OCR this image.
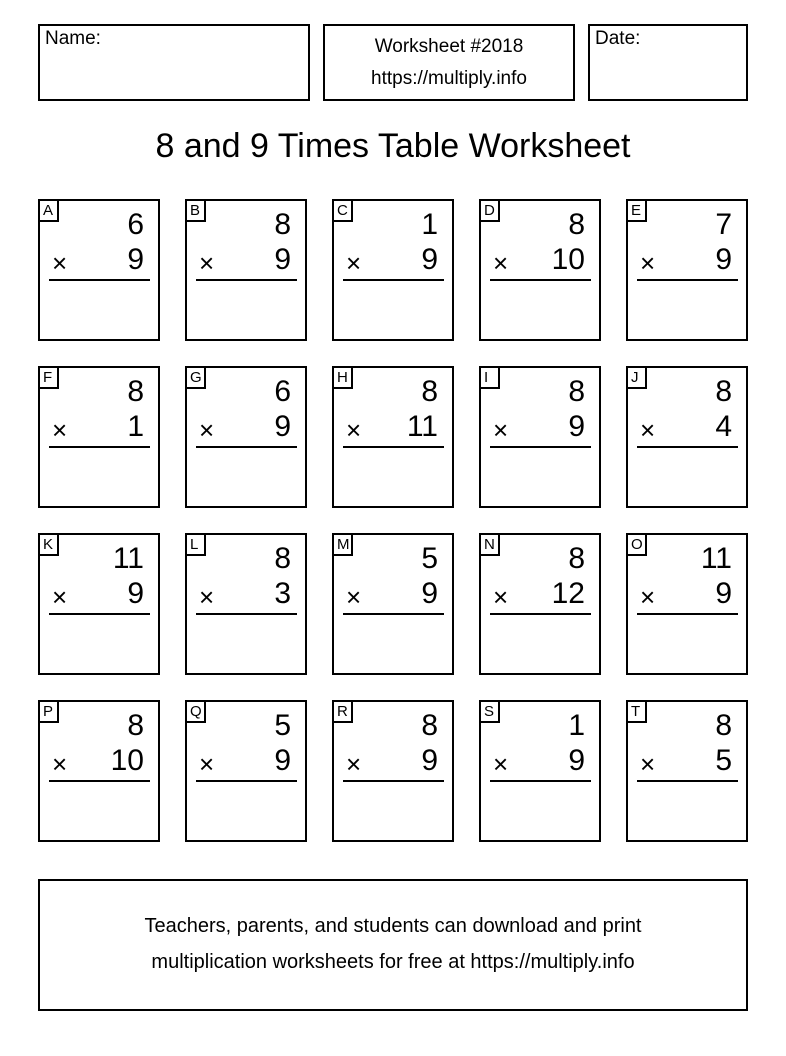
Name:	Worksheet #2018
https://multiply.info
Date:
8 and 9 Times Table Worksheet
A 6
× 9
B 8
× 9
C 1
× 9
D 8
× 10
E 7
× 9
F	8
× 1
G 6
× 9
H 8
× 11
I	8
× 9
J	8
× 4
K 11
× 9
L	8
× 3
M 5
× 9
N 8
× 12
O 11
× 9
P 8
× 10
Q 5
× 9
R 8
× 9
S 1
× 9
T	8
× 5
Teachers, parents, and students can download and print
multiplication worksheets for free at https://multiply.info
